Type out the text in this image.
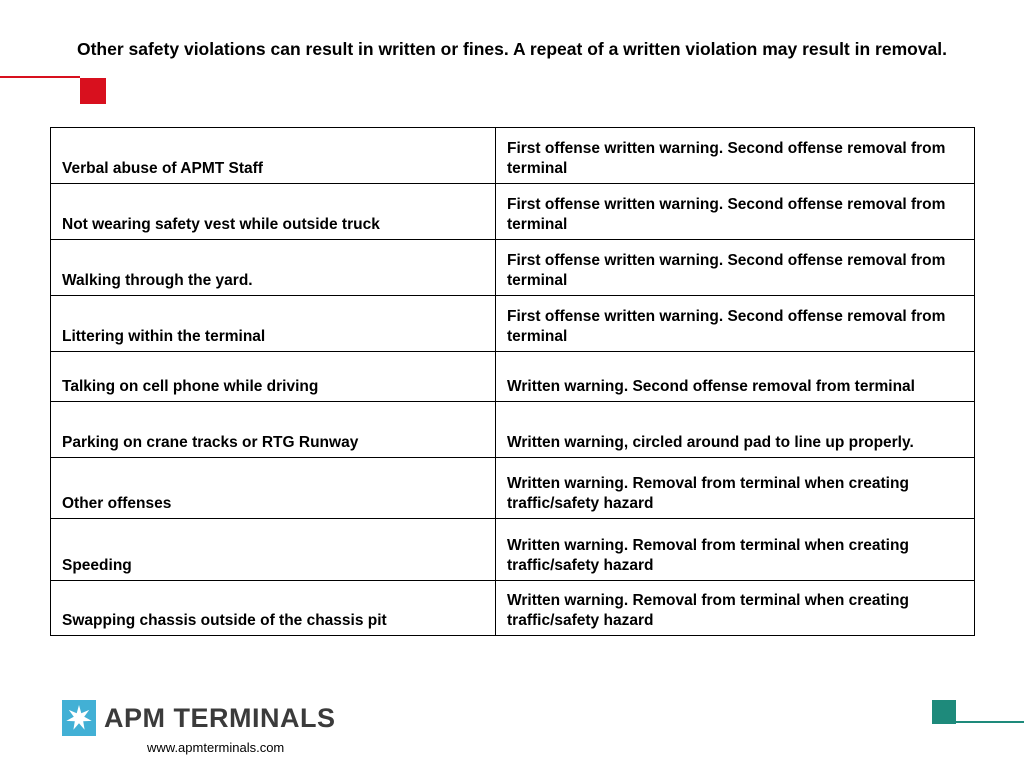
Other safety violations can result in written or fines. A repeat of a written violation may result in removal.
Verbal abuse of APMT Staff	First offense written warning. Second offense removal from terminal
Not wearing safety vest while outside truck	First offense written warning. Second offense removal from terminal
Walking through the yard.	First offense written warning. Second offense removal from terminal
Littering within the terminal	First offense written warning. Second offense removal from terminal
Talking on cell phone while driving	Written warning. Second offense removal from terminal
Parking on crane tracks or RTG Runway	Written warning, circled around pad to line up properly.
Other offenses	Written warning. Removal from terminal when creating traffic/safety hazard
Speeding	Written warning. Removal from terminal when creating traffic/safety hazard
Swapping chassis outside of the chassis pit	Written warning. Removal from terminal when creating traffic/safety hazard
APM TERMINALS
www.apmterminals.com
